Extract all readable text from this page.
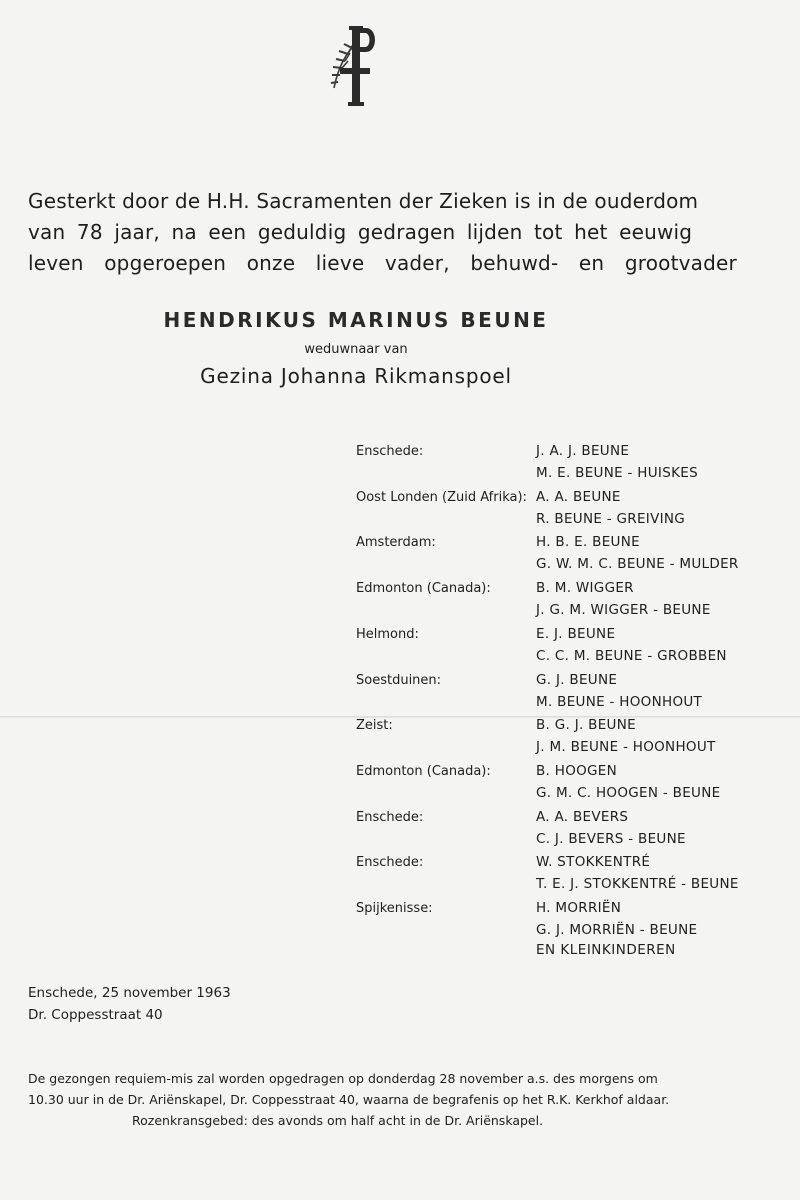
Gesterkt door de H.H. Sacramenten der Zieken is in de ouderdom
van 78 jaar, na een geduldig gedragen lijden tot het eeuwig
leven opgeroepen onze lieve vader, behuwd- en grootvader
HENDRIKUS MARINUS BEUNE
weduwnaar van
Gezina Johanna Rikmanspoel
Enschede:	J. A. J. BEUNE
M. E. BEUNE - HUISKES
Oost Londen (Zuid Afrika): A. A. BEUNE
R. BEUNE - GREIVING
Amsterdam:	H. B. E. BEUNE
G. W. M. C. BEUNE - MULDER
Edmonton (Canada):	B. M. WIGGER
J. G. M. WIGGER - BEUNE
Helmond:	E. J. BEUNE
C. C. M. BEUNE - GROBBEN
Soestduinen:	G. J. BEUNE
M. BEUNE - HOONHOUT
Zeist:	B. G. J. BEUNE
J. M. BEUNE - HOONHOUT
Edmonton (Canada):	B. HOOGEN
G. M. C. HOOGEN - BEUNE
Enschede:	A. A. BEVERS
C. J. BEVERS - BEUNE
Enschede:	W. STOKKENTRÉ
T. E. J. STOKKENTRÉ - BEUNE
Spijkenisse:	H. MORRIËN
G. J. MORRIËN - BEUNE
EN KLEINKINDEREN
Enschede, 25 november 1963
Dr. Coppesstraat 40
De gezongen requiem-mis zal worden opgedragen op donderdag 28 november a.s. des morgens om
10.30 uur in de Dr. Ariënskapel, Dr. Coppesstraat 40, waarna de begrafenis op het R.K. Kerkhof aldaar.
Rozenkransgebed: des avonds om half acht in de Dr. Ariënskapel.
